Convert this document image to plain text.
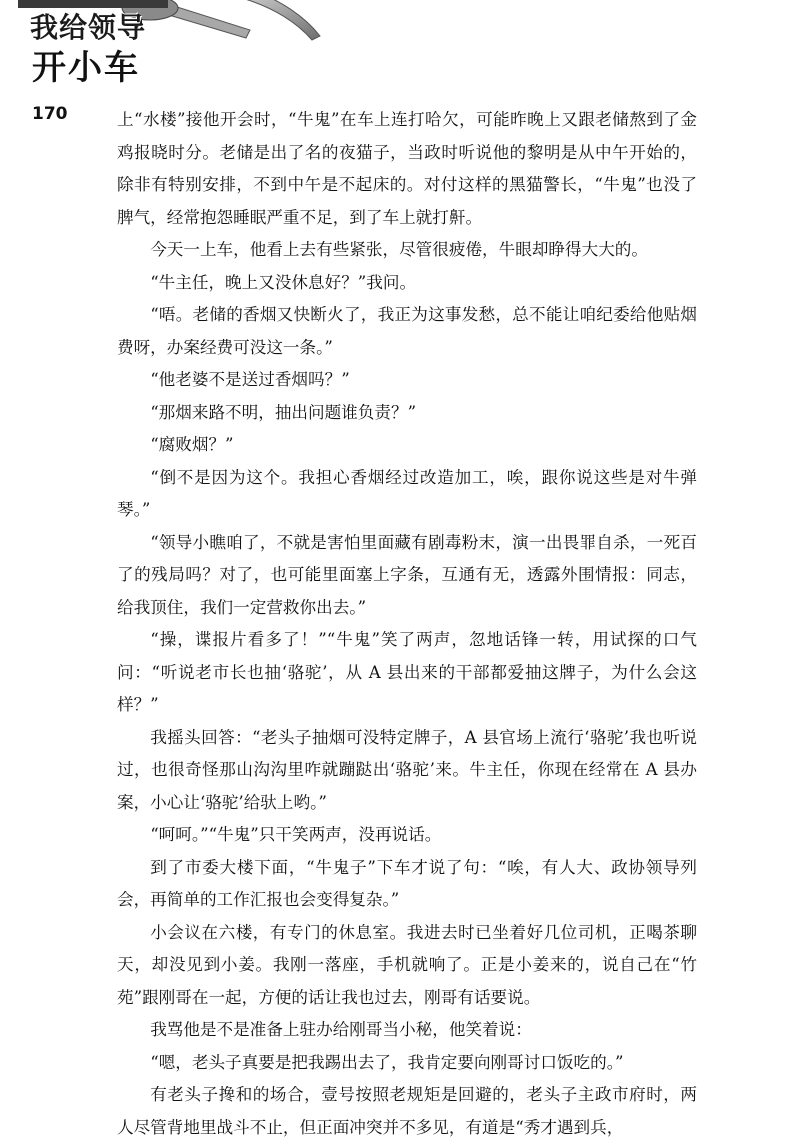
我给领导
开小车
170	上“水楼”接他开会时，“牛鬼”在车上连打哈欠，可能昨晚上又跟老储熬到了金鸡报晓时分。老储是出了名的夜猫子，当政时听说他的黎明是从中午开始的，除非有特别安排，不到中午是不起床的。对付这样的黑猫警长，“牛鬼”也没了脾气，经常抱怨睡眠严重不足，到了车上就打鼾。

今天一上车，他看上去有些紧张，尽管很疲倦，牛眼却睁得大大的。

“牛主任，晚上又没休息好？”我问。

“唔。老储的香烟又快断火了，我正为这事发愁，总不能让咱纪委给他贴烟费呀，办案经费可没这一条。”

“他老婆不是送过香烟吗？”

“那烟来路不明，抽出问题谁负责？”

“腐败烟？”

“倒不是因为这个。我担心香烟经过改造加工，唉，跟你说这些是对牛弹琴。”

“领导小瞧咱了，不就是害怕里面藏有剧毒粉末，演一出畏罪自杀，一死百了的残局吗？对了，也可能里面塞上字条，互通有无，透露外围情报：同志，给我顶住，我们一定营救你出去。”

“操，谍报片看多了！”“牛鬼”笑了两声，忽地话锋一转，用试探的口气问：“听说老市长也抽‘骆驼’，从 A 县出来的干部都爱抽这牌子，为什么会这样？”

我摇头回答：“老头子抽烟可没特定牌子，A 县官场上流行‘骆驼’我也听说过，也很奇怪那山沟沟里咋就蹦跶出‘骆驼’来。牛主任，你现在经常在 A 县办案，小心让‘骆驼’给驮上哟。”

“呵呵。”“牛鬼”只干笑两声，没再说话。

到了市委大楼下面，“牛鬼子”下车才说了句：“唉，有人大、政协领导列会，再简单的工作汇报也会变得复杂。”

小会议在六楼，有专门的休息室。我进去时已坐着好几位司机，正喝茶聊天，却没见到小姜。我刚一落座，手机就响了。正是小姜来的，说自己在“竹苑”跟刚哥在一起，方便的话让我也过去，刚哥有话要说。

我骂他是不是准备上驻办给刚哥当小秘，他笑着说：

“嗯，老头子真要是把我踢出去了，我肯定要向刚哥讨口饭吃的。”

有老头子搀和的场合，壹号按照老规矩是回避的，老头子主政市府时，两人尽管背地里战斗不止，但正面冲突并不多见，有道是“秀才遇到兵，
